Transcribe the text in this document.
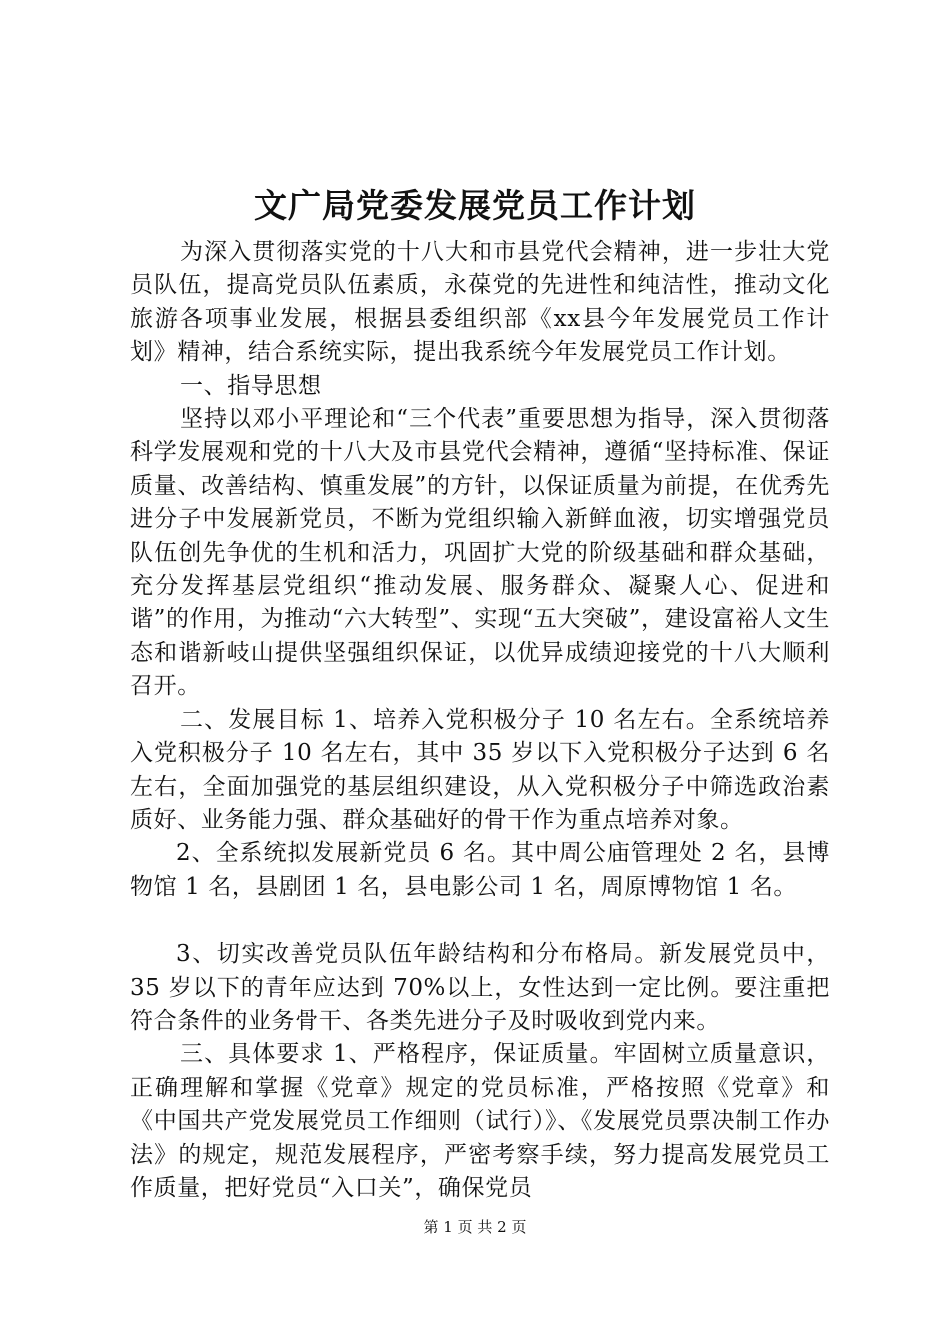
文广局党委发展党员工作计划

为深入贯彻落实党的十八大和市县党代会精神，进一步壮大党员队伍，提高党员队伍素质，永葆党的先进性和纯洁性，推动文化旅游各项事业发展，根据县委组织部《xx县今年发展党员工作计划》精神，结合系统实际，提出我系统今年发展党员工作计划。

一、指导思想

坚持以邓小平理论和“三个代表”重要思想为指导，深入贯彻落科学发展观和党的十八大及市县党代会精神，遵循“坚持标准、保证质量、改善结构、慎重发展”的方针，以保证质量为前提，在优秀先进分子中发展新党员，不断为党组织输入新鲜血液，切实增强党员队伍创先争优的生机和活力，巩固扩大党的阶级基础和群众基础，充分发挥基层党组织“推动发展、服务群众、凝聚人心、促进和谐”的作用，为推动“六大转型”、实现“五大突破”，建设富裕人文生态和谐新岐山提供坚强组织保证，以优异成绩迎接党的十八大顺利召开。

二、发展目标 1、培养入党积极分子 10 名左右。全系统培养入党积极分子 10 名左右，其中 35 岁以下入党积极分子达到 6 名左右，全面加强党的基层组织建设，从入党积极分子中筛选政治素质好、业务能力强、群众基础好的骨干作为重点培养对象。

2、全系统拟发展新党员 6 名。其中周公庙管理处 2 名，县博物馆 1 名，县剧团 1 名，县电影公司 1 名，周原博物馆 1 名。

3、切实改善党员队伍年龄结构和分布格局。新发展党员中，35 岁以下的青年应达到 70%以上，女性达到一定比例。要注重把符合条件的业务骨干、各类先进分子及时吸收到党内来。

三、具体要求 1、严格程序，保证质量。牢固树立质量意识，正确理解和掌握《党章》规定的党员标准，严格按照《党章》和《中国共产党发展党员工作细则（试行）》、《发展党员票决制工作办法》的规定，规范发展程序，严密考察手续，努力提高发展党员工作质量，把好党员“入口关”，确保党员

第 1 页 共 2 页
